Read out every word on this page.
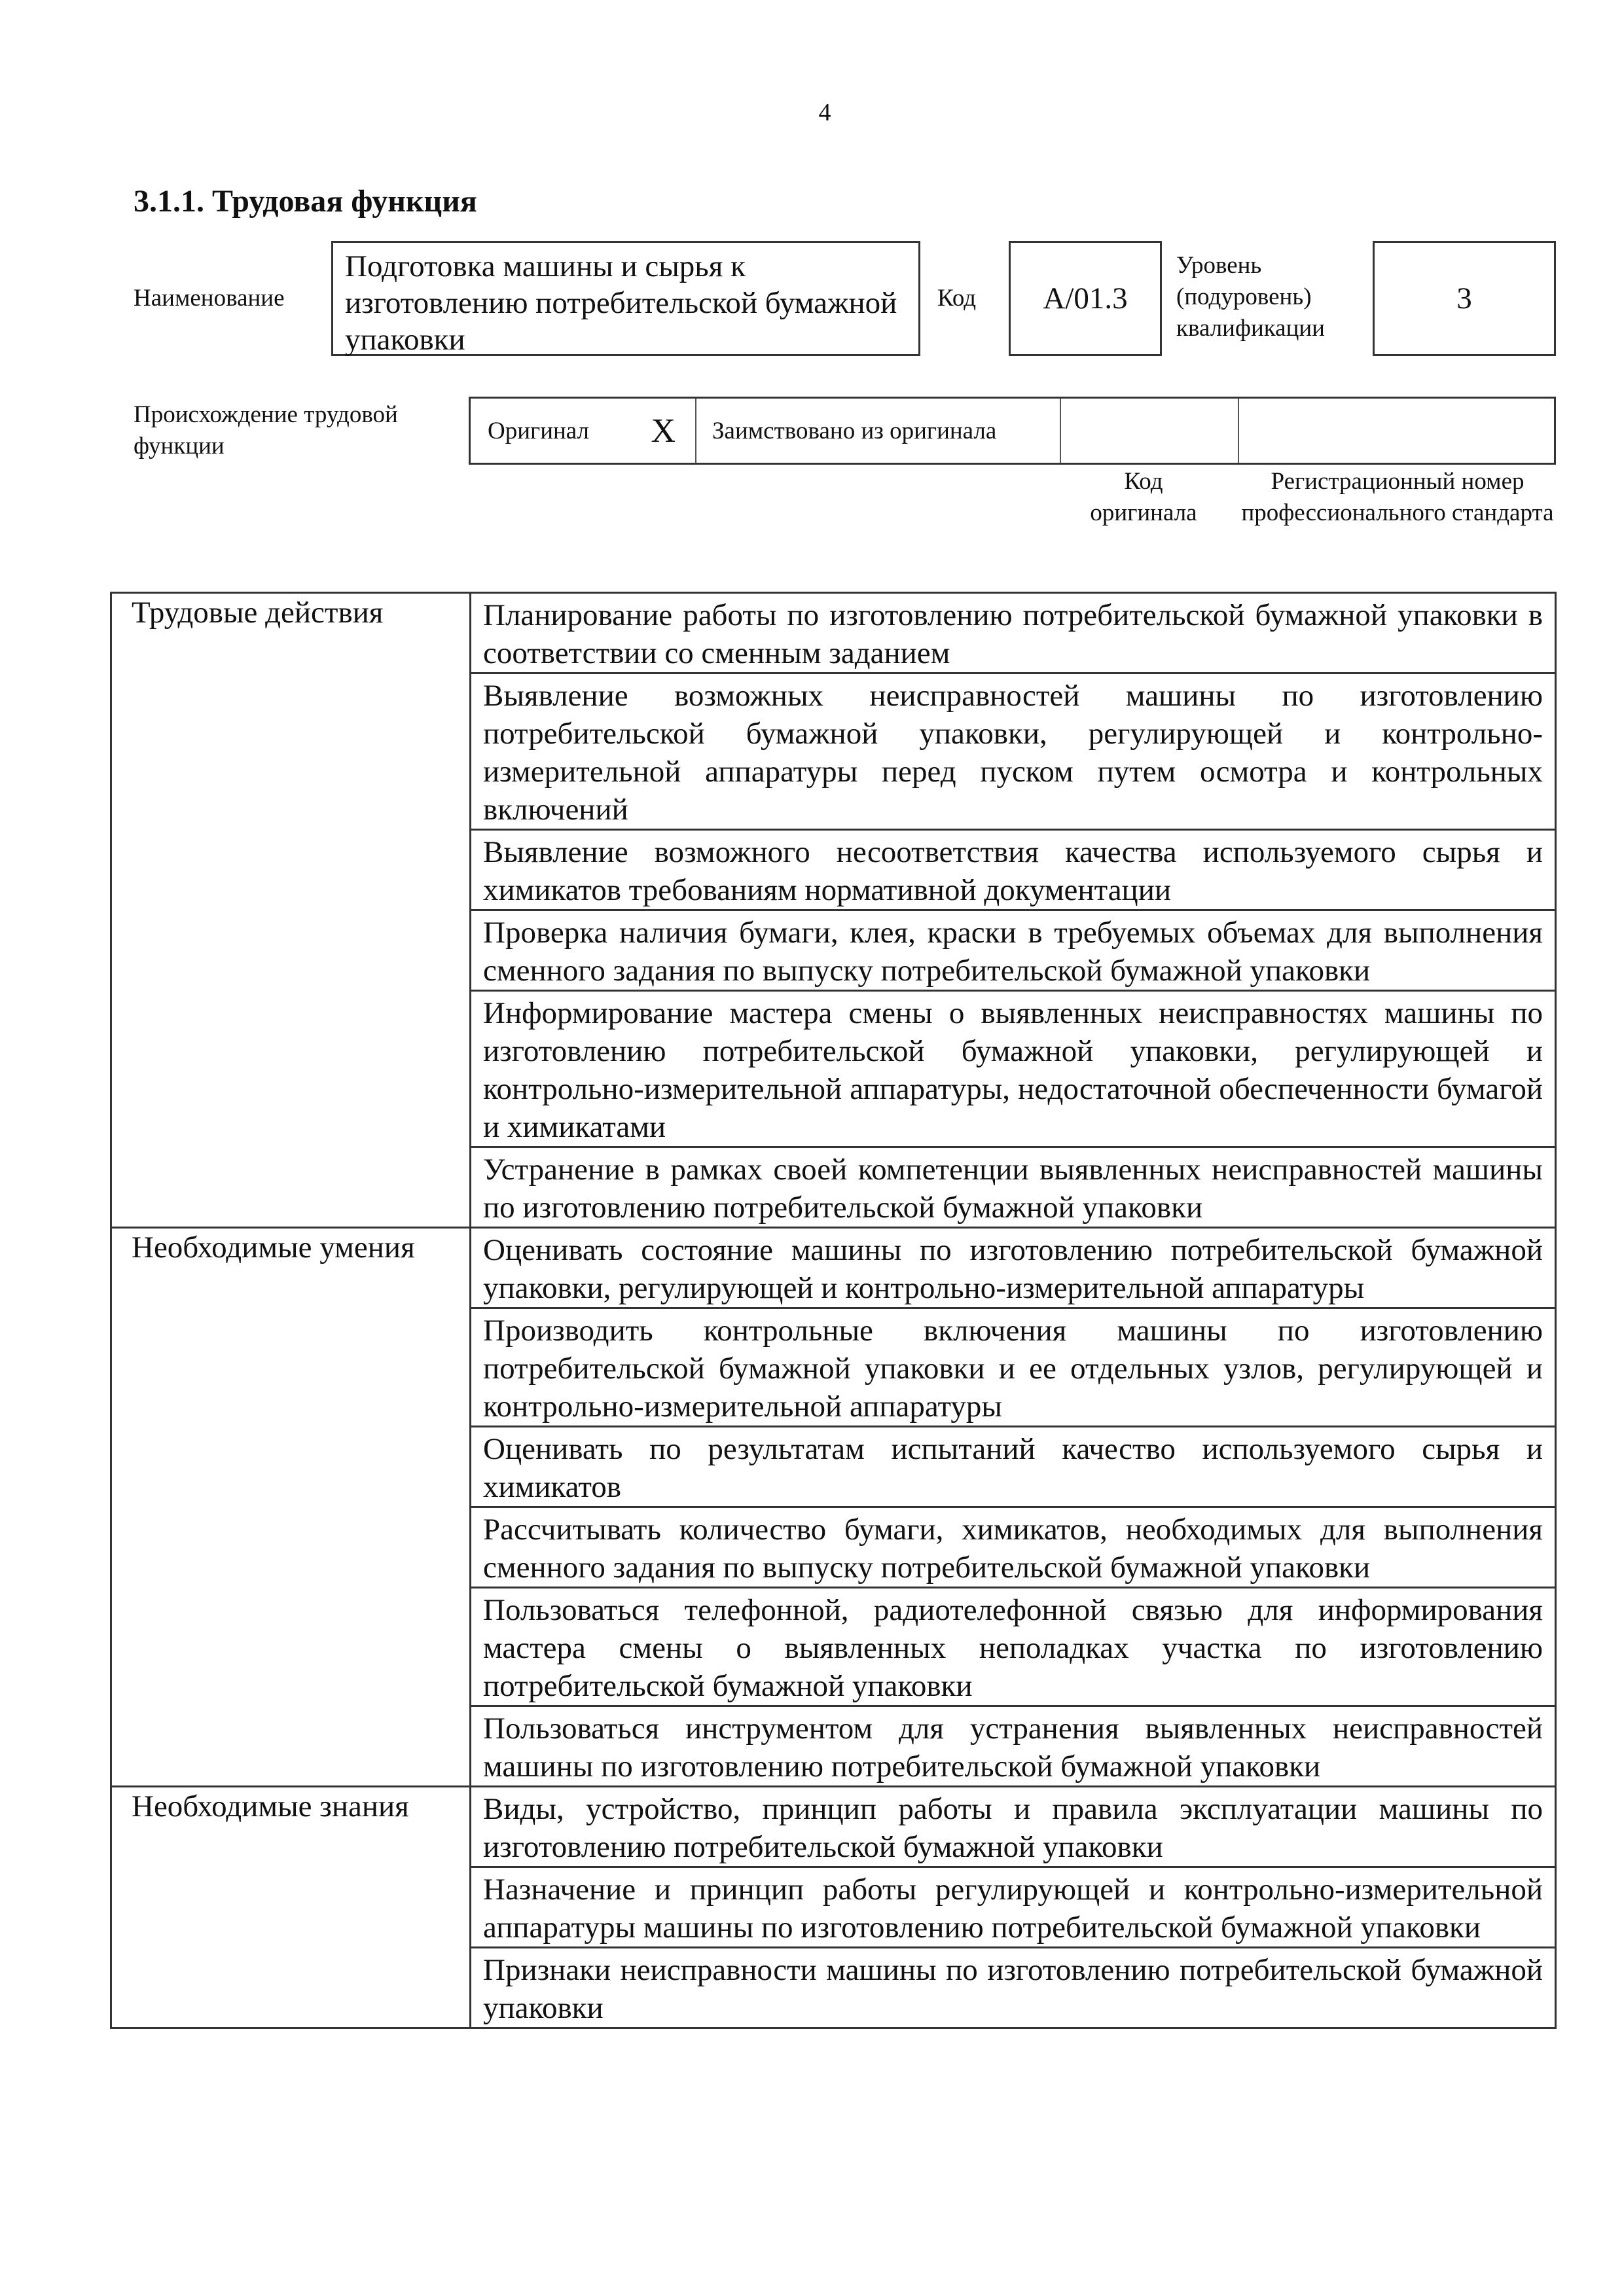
4
3.1.1. Трудовая функция
Наименование
Подготовка машины и сырья к изготовлению потребительской бумажной упаковки
Код	A/01.3
Уровень (подуровень) квалификации
3
Происхождение трудовой функции
Оригинал X	Заимствовано из оригинала
Код оригинала
Регистрационный номер профессионального стандарта
Трудовые действия	Планирование работы по изготовлению потребительской бумажной упаковки в соответствии со сменным заданием
	Выявление возможных неисправностей машины по изготовлению потребительской бумажной упаковки, регулирующей и контрольно-измерительной аппаратуры перед пуском путем осмотра и контрольных включений
	Выявление возможного несоответствия качества используемого сырья и химикатов требованиям нормативной документации
	Проверка наличия бумаги, клея, краски в требуемых объемах для выполнения сменного задания по выпуску потребительской бумажной упаковки
	Информирование мастера смены о выявленных неисправностях машины по изготовлению потребительской бумажной упаковки, регулирующей и контрольно-измерительной аппаратуры, недостаточной обеспеченности бумагой и химикатами
	Устранение в рамках своей компетенции выявленных неисправностей машины по изготовлению потребительской бумажной упаковки
Необходимые умения	Оценивать состояние машины по изготовлению потребительской бумажной упаковки, регулирующей и контрольно-измерительной аппаратуры
	Производить контрольные включения машины по изготовлению потребительской бумажной упаковки и ее отдельных узлов, регулирующей и контрольно-измерительной аппаратуры
	Оценивать по результатам испытаний качество используемого сырья и химикатов
	Рассчитывать количество бумаги, химикатов, необходимых для выполнения сменного задания по выпуску потребительской бумажной упаковки
	Пользоваться телефонной, радиотелефонной связью для информирования мастера смены о выявленных неполадках участка по изготовлению потребительской бумажной упаковки
	Пользоваться инструментом для устранения выявленных неисправностей машины по изготовлению потребительской бумажной упаковки
Необходимые знания	Виды, устройство, принцип работы и правила эксплуатации машины по изготовлению потребительской бумажной упаковки
	Назначение и принцип работы регулирующей и контрольно-измерительной аппаратуры машины по изготовлению потребительской бумажной упаковки
	Признаки неисправности машины по изготовлению потребительской бумажной упаковки
